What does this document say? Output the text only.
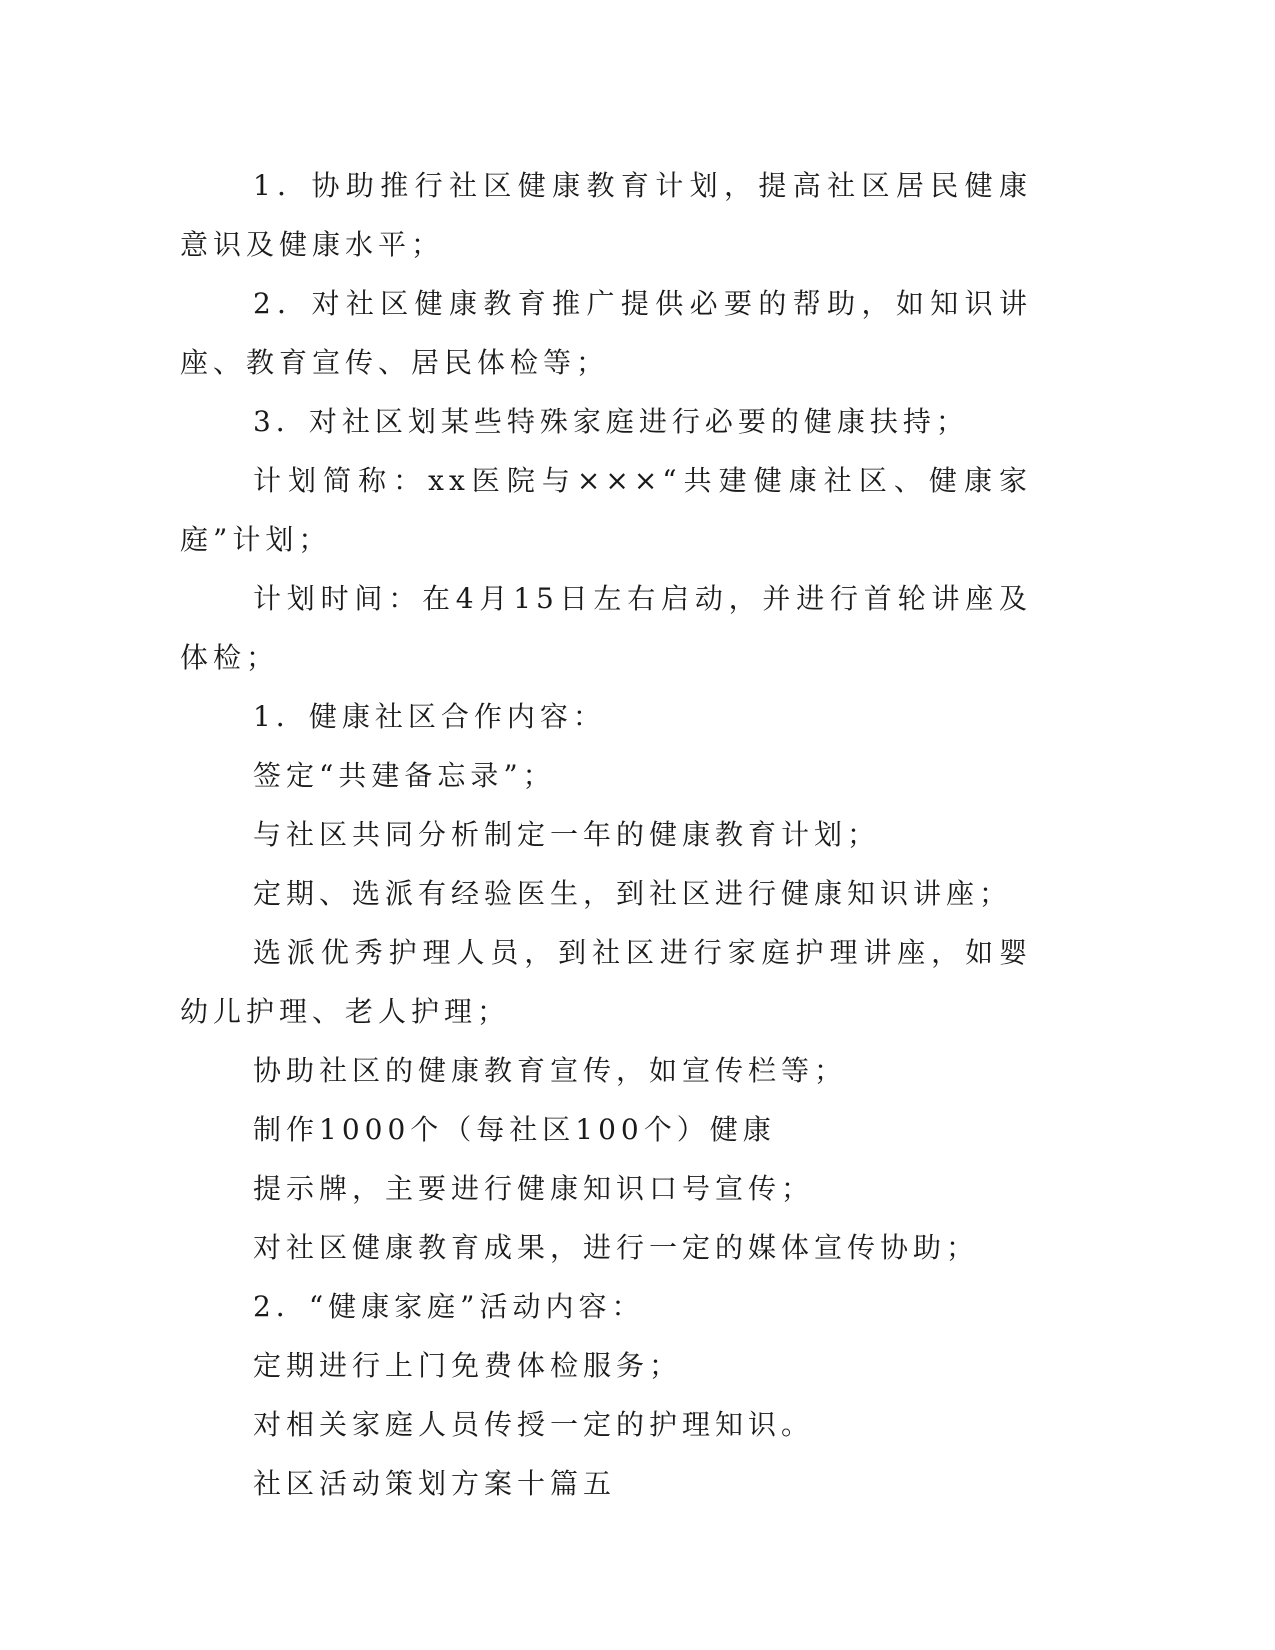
1．协助推行社区健康教育计划，提高社区居民健康意识及健康水平；

2．对社区健康教育推广提供必要的帮助，如知识讲座、教育宣传、居民体检等；

3．对社区划某些特殊家庭进行必要的健康扶持；

计划简称：xx医院与×××“共建健康社区、健康家庭”计划；

计划时间：在4月15日左右启动，并进行首轮讲座及体检；

1．健康社区合作内容：

签定“共建备忘录”；

与社区共同分析制定一年的健康教育计划；

定期、选派有经验医生，到社区进行健康知识讲座；

选派优秀护理人员，到社区进行家庭护理讲座，如婴幼儿护理、老人护理；

协助社区的健康教育宣传，如宣传栏等；

制作1000个（每社区100个）健康

提示牌，主要进行健康知识口号宣传；

对社区健康教育成果，进行一定的媒体宣传协助；

2．“健康家庭”活动内容：

定期进行上门免费体检服务；

对相关家庭人员传授一定的护理知识。

社区活动策划方案十篇五
